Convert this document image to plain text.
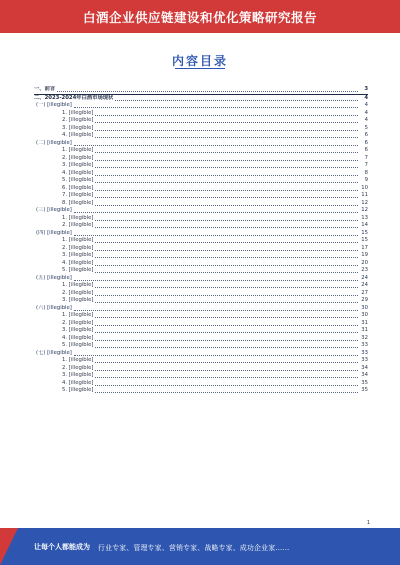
白酒企业供应链建设和优化策略研究报告
内容目录
一、前言	3
二、2023-2024年白酒市场现状	4
(一) [illegible]	4
1. [illegible]	4
2. [illegible]	4
3. [illegible]	5
4. [illegible]	6
(二) [illegible]	6
1. [illegible]	6
2. [illegible]	7
3. [illegible]	7
4. [illegible]	8
5. [illegible]	9
6. [illegible]	10
7. [illegible]	11
8. [illegible]	12
(三) [illegible]	12
1. [illegible]	13
2. [illegible]	14
(四) [illegible]	15
1. [illegible]	15
2. [illegible]	17
3. [illegible]	19
4. [illegible]	20
5. [illegible]	23
(五) [illegible]	24
1. [illegible]	24
2. [illegible]	27
3. [illegible]	29
(六) [illegible]	30
1. [illegible]	30
2. [illegible]	31
3. [illegible]	31
4. [illegible]	32
5. [illegible]	33
(七) [illegible]	33
1. [illegible]	33
2. [illegible]	34
3. [illegible]	34
4. [illegible]	35
5. [illegible]	35
1
让每个人都能成为 行业专家、管理专家、营销专家、战略专家、成功企业家……
